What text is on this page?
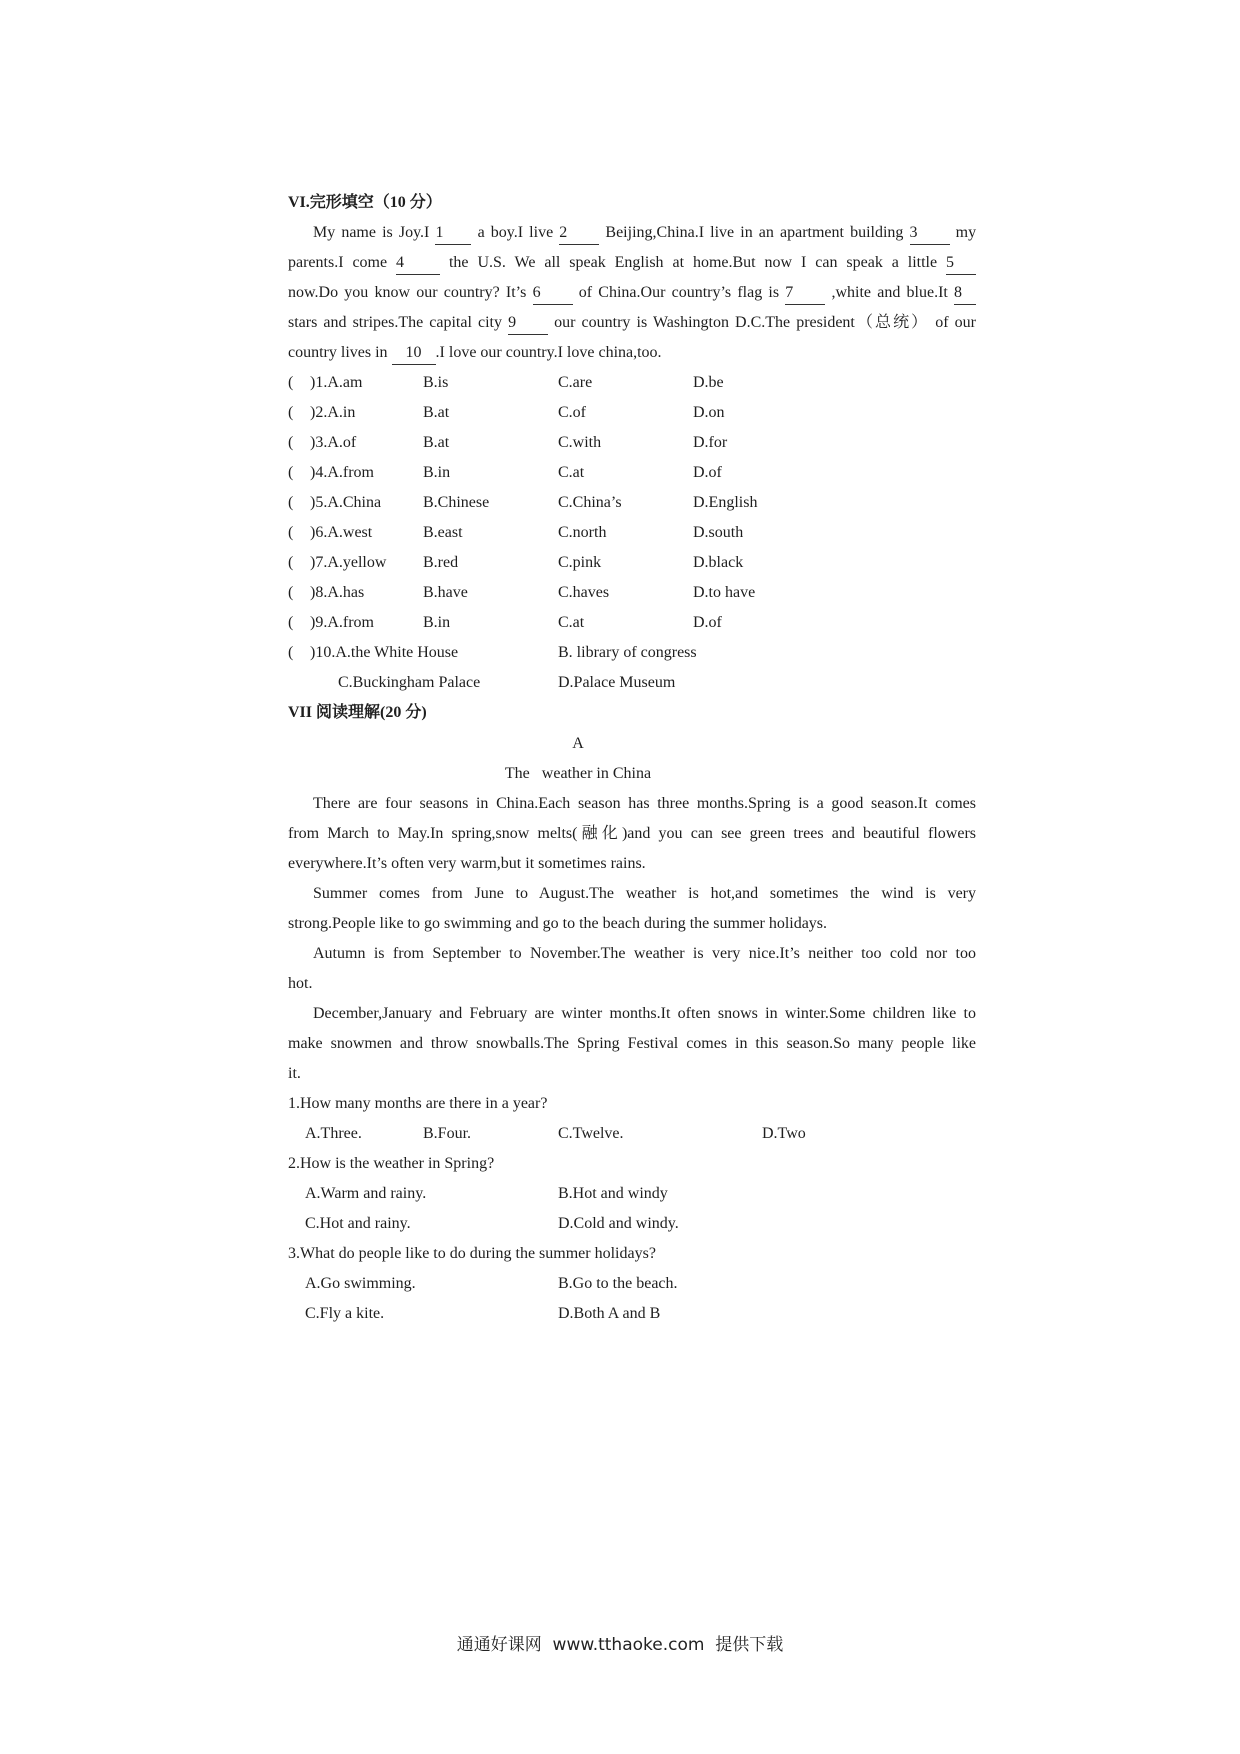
VI.完形填空（10 分）
My name is Joy.I 1 a boy.I live 2 Beijing,China.I live in an apartment building 3 my
parents.I come 4	the U.S. We all speak English at home.But now I can speak a little 5
now.Do you know our country? It’s 6 of China.Our country’s flag is 7 ,white and blue.It 8
stars and stripes.The capital city 9 our country is Washington D.C.The president（总统） of our
country lives in 10 .I love our country.I love china,too.
( )1.A.am	B.is	C.are	D.be
( )2.A.in	B.at	C.of	D.on
( )3.A.of	B.at	C.with	D.for
( )4.A.from	B.in	C.at	D.of
( )5.A.China	B.Chinese	C.China’s	D.English
( )6.A.west	B.east	C.north	D.south
( )7.A.yellow B.red	C.pink	D.black
( )8.A.has	B.have	C.haves	D.to have
( )9.A.from	B.in	C.at	D.of
( )10.A.the White House	B. library of congress
C.Buckingham Palace	D.Palace Museum
VII 阅读理解(20 分)
A
The   weather in China
There are four seasons in China.Each season has three months.Spring is a good season.It comes
from March to May.In spring,snow melts(融化)and you can see green trees and beautiful flowers
everywhere.It’s often very warm,but it sometimes rains.
Summer comes from June to August.The weather is hot,and sometimes the wind is very
strong.People like to go swimming and go to the beach during the summer holidays.
Autumn is from September to November.The weather is very nice.It’s neither too cold nor too
hot.
December,January and February are winter months.It often snows in winter.Some children like to
make snowmen and throw snowballs.The Spring Festival comes in this season.So many people like
it.
1.How many months are there in a year?
A.Three.	B.Four.	C.Twelve.	D.Two
2.How is the weather in Spring?
A.Warm and rainy.	B.Hot and windy
C.Hot and rainy.	D.Cold and windy.
3.What do people like to do during the summer holidays?
A.Go swimming.	B.Go to the beach.
C.Fly a kite.	D.Both A and B
通通好课网  www.tthaoke.com  提供下载
